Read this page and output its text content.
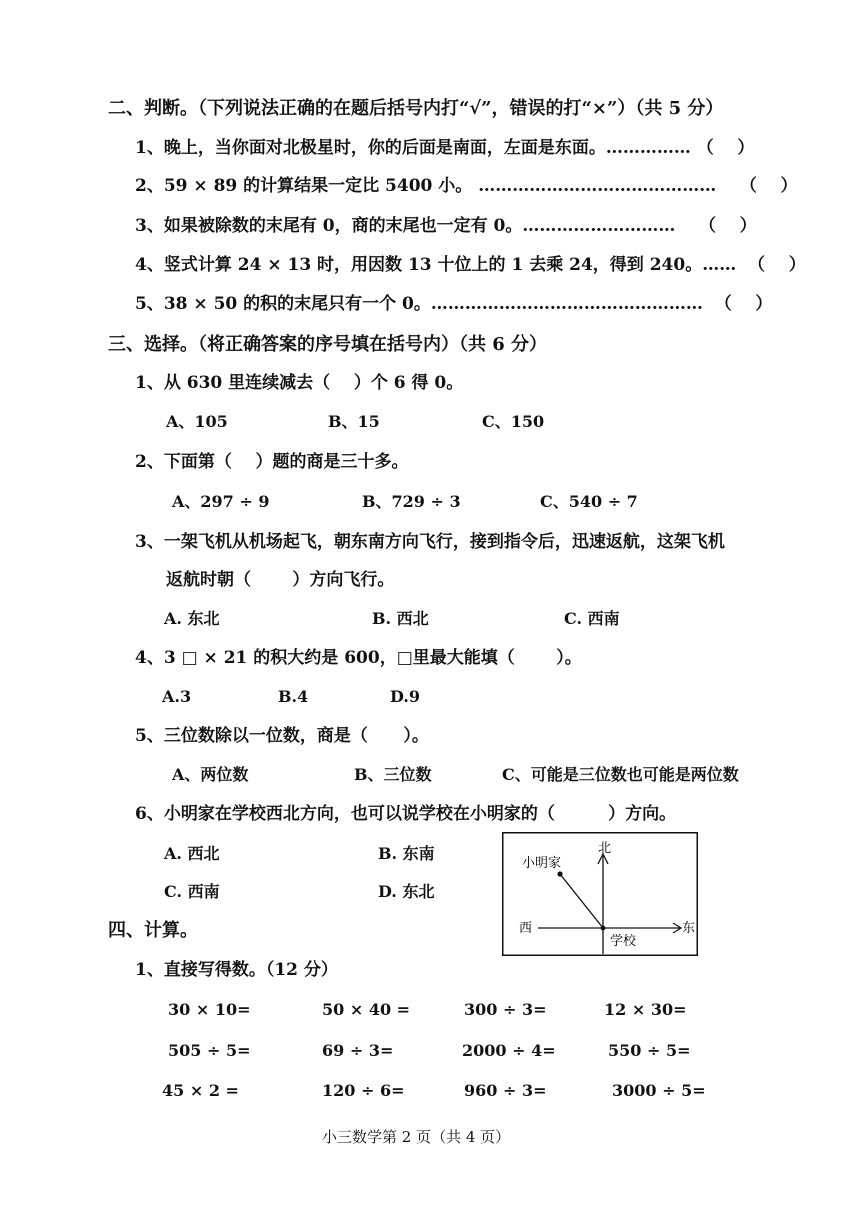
二、判断。（下列说法正确的在题后括号内打“√”，错误的打“×”）（共 5 分）
1、晚上，当你面对北极星时，你的后面是南面，左面是东面。…………… （    ）
2、59 × 89 的计算结果一定比 5400 小。 ……………………………………    （    ）
3、如果被除数的末尾有 0，商的末尾也一定有 0。………………………    （    ）
4、竖式计算 24 × 13 时，用因数 13 十位上的 1 去乘 24，得到 240。……  （    ）
5、38 × 50 的积的末尾只有一个 0。…………………………………………  （    ）
三、选择。（将正确答案的序号填在括号内）（共 6 分）
1、从 630 里连续减去（    ）个 6 得 0。
A、105	B、15	C、150
2、下面第（    ）题的商是三十多。
A、297 ÷ 9	B、729 ÷ 3	C、540 ÷ 7
3、一架飞机从机场起飞，朝东南方向飞行，接到指令后，迅速返航，这架飞机
返航时朝（       ）方向飞行。
A. 东北	B. 西北	C. 西南
4、3 □ × 21 的积大约是 600，□里最大能填（       ）。
A.3	B.4	D.9
5、三位数除以一位数，商是（      ）。
A、两位数	B、三位数	C、可能是三位数也可能是两位数
6、小明家在学校西北方向，也可以说学校在小明家的（         ）方向。
A. 西北	B. 东南
C. 西南	D. 东北
北
西	东
小明家
学校
四、计算。
1、直接写得数。（12 分）
30 × 10=	50 × 40 =	300 ÷ 3=	12 × 30=
505 ÷ 5=	69 ÷ 3=	2000 ÷ 4=	550 ÷ 5=
45 × 2 =	120 ÷ 6=	960 ÷ 3=	3000 ÷ 5=
小三数学第 2 页（共 4 页）
